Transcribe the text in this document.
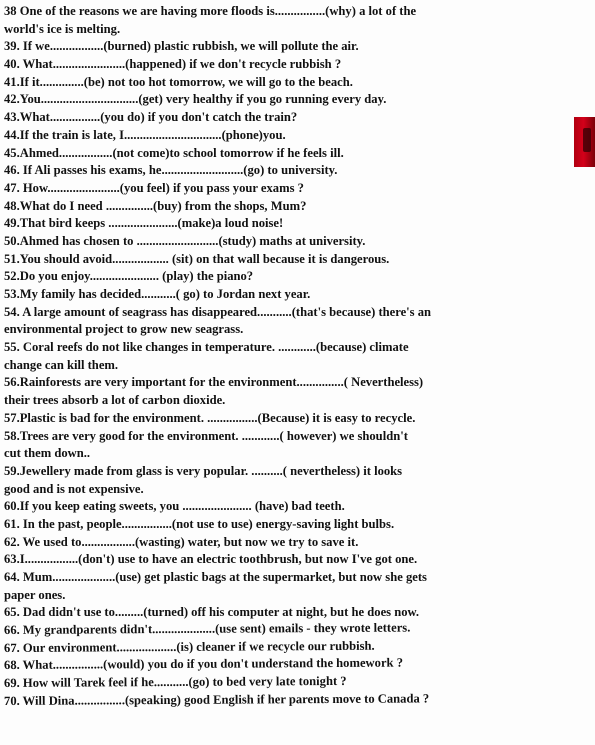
38 One of the reasons we are having more floods is................(why) a lot of the
world's ice is melting.
39. If we.................(burned) plastic rubbish, we will pollute the air.
40. What.......................(happened) if we don't recycle rubbish ?
41.If it..............(be) not too hot tomorrow, we will go to the beach.
42.You...............................(get) very healthy if you go running every day.
43.What................(you do) if you don't catch the train?
44.If the train is late, I...............................(phone)you.
45.Ahmed.................(not come)to school tomorrow if he feels ill.
46. If Ali passes his exams, he..........................(go) to university.
47. How.......................(you feel) if you pass your exams ?
48.What do I need ...............(buy) from the shops, Mum?
49.That bird keeps ......................(make)a loud noise!
50.Ahmed has chosen to ..........................(study) maths at university.
51.You should avoid.................. (sit) on that wall because it is dangerous.
52.Do you enjoy...................... (play) the piano?
53.My family has decided...........( go) to Jordan next year.
54. A large amount of seagrass has disappeared...........(that's because) there's an
environmental project to grow new seagrass.
55. Coral reefs do not like changes in temperature. ............(because) climate
change can kill them.
56.Rainforests are very important for the environment...............( Nevertheless)
their trees absorb a lot of carbon dioxide.
57.Plastic is bad for the environment. ................(Because) it is easy to recycle.
58.Trees are very good for the environment. ............( however) we shouldn't
cut them down..
59.Jewellery made from glass is very popular. ..........( nevertheless) it looks
good and is not expensive.
60.If you keep eating sweets, you ...................... (have) bad teeth.
61. In the past, people................(not use to use) energy-saving light bulbs.
62. We used to.................(wasting) water, but now we try to save it.
63.I.................(don't) use to have an electric toothbrush, but now I've got one.
64. Mum....................(use) get plastic bags at the supermarket, but now she gets
paper ones.
65. Dad didn't use to.........(turned) off his computer at night, but he does now.
66. My grandparents didn't....................(use sent) emails - they wrote letters.
67. Our environment...................(is) cleaner if we recycle our rubbish.
68. What................(would) you do if you don't understand the homework ?
69. How will Tarek feel if he...........(go) to bed very late tonight ?
70. Will Dina................(speaking) good English if her parents move to Canada ?
